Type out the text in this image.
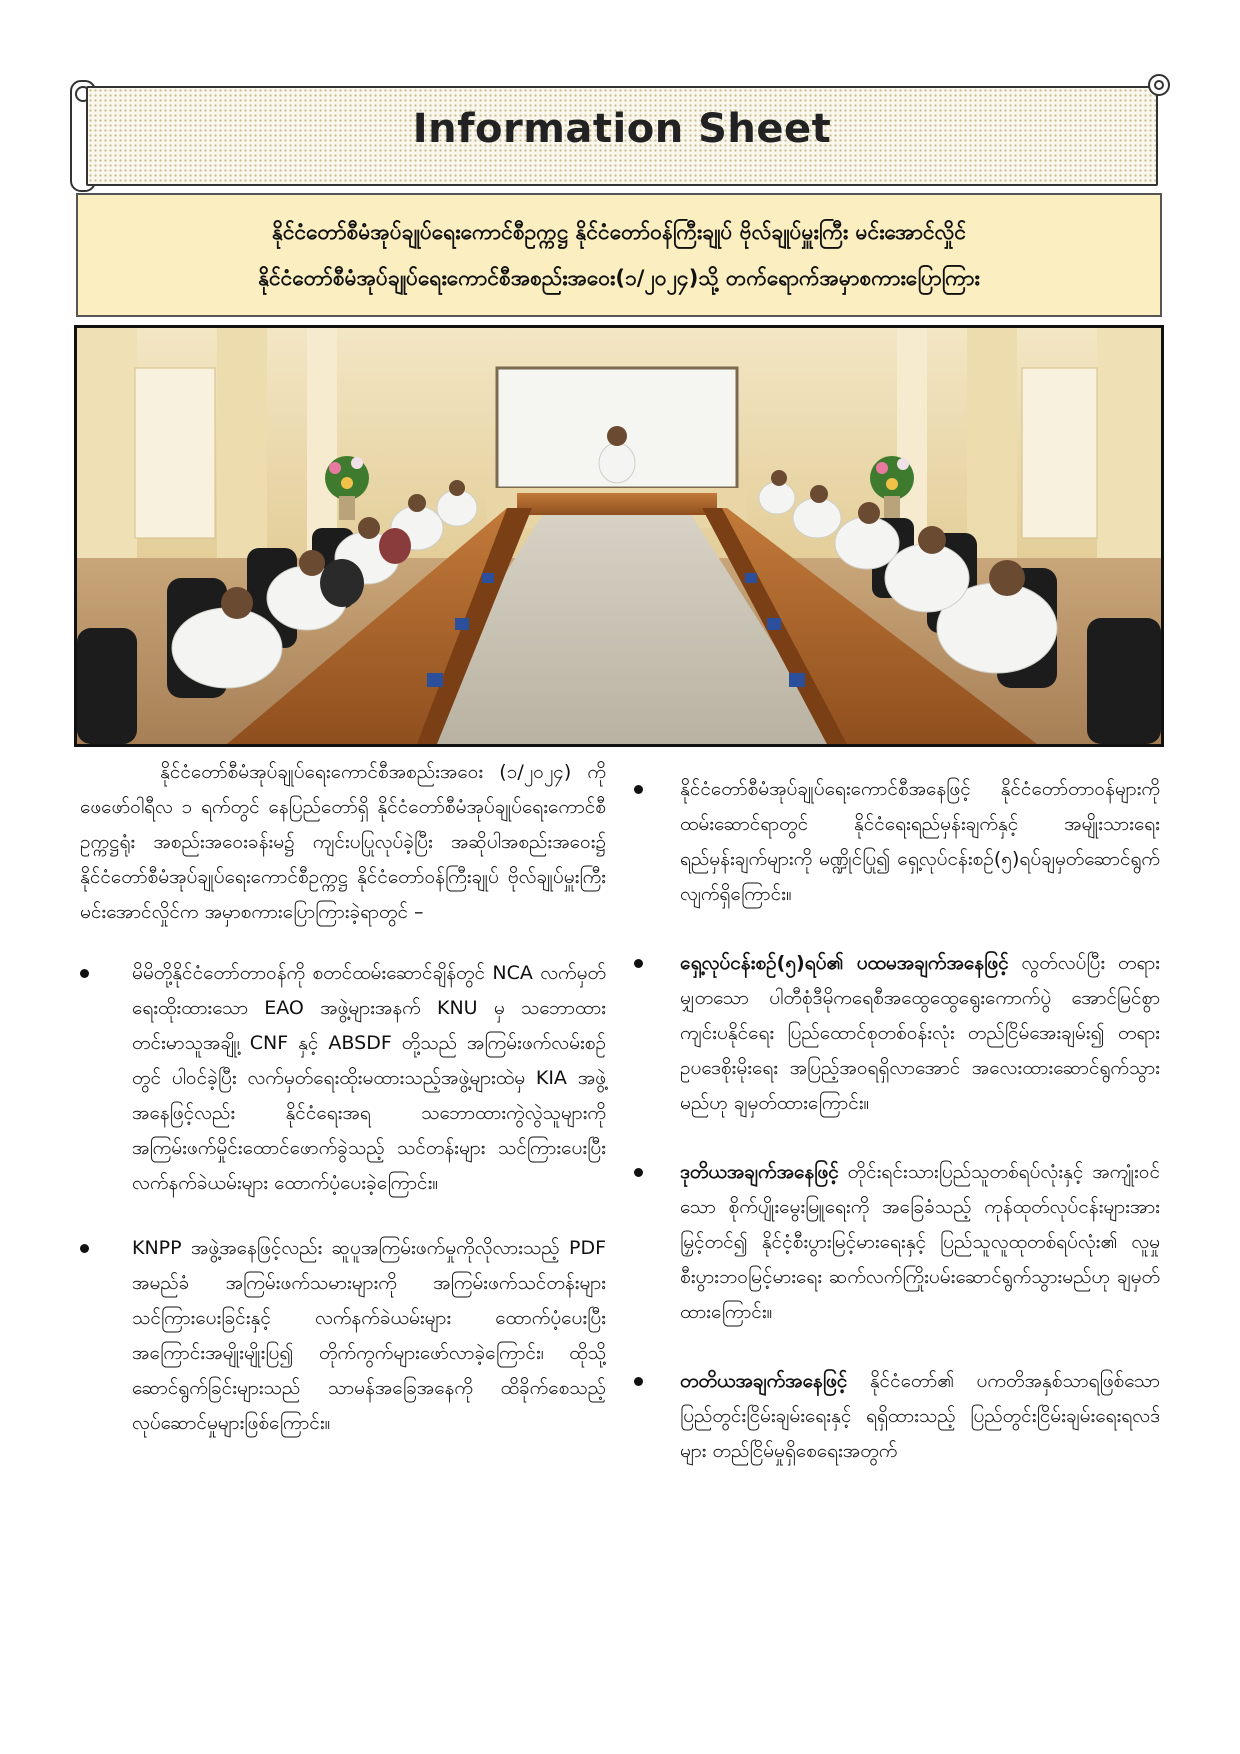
Information Sheet
နိုင်ငံတော်စီမံအုပ်ချုပ်ရေးကောင်စီဥက္ကဋ္ဌ နိုင်ငံတော်ဝန်ကြီးချုပ် ဗိုလ်ချုပ်မှူးကြီး မင်းအောင်လှိုင်
နိုင်ငံတော်စီမံအုပ်ချုပ်ရေးကောင်စီအစည်းအဝေး(၁/၂၀၂၄)သို့ တက်ရောက်အမှာစကားပြောကြား

နိုင်ငံတော်စီမံအုပ်ချုပ်ရေးကောင်စီအစည်းအဝေး (၁/၂၀၂၄) ကို ဖေဖော်ဝါရီလ ၁ ရက်တွင် နေပြည်တော်ရှိ နိုင်ငံတော်စီမံအုပ်ချုပ်ရေးကောင်စီဥက္ကဋ္ဌရုံး အစည်းအဝေးခန်းမ၌ ကျင်းပပြုလုပ်ခဲ့ပြီး အဆိုပါအစည်းအဝေး၌ နိုင်ငံတော်စီမံအုပ်ချုပ်ရေးကောင်စီဥက္ကဋ္ဌ နိုင်ငံတော်ဝန်ကြီးချုပ် ဗိုလ်ချုပ်မှူးကြီး မင်းအောင်လှိုင်က အမှာစကားပြောကြားခဲ့ရာတွင် –

မိမိတို့နိုင်ငံတော်တာဝန်ကို စတင်ထမ်းဆောင်ချိန်တွင် NCA လက်မှတ်ရေးထိုးထားသော EAO အဖွဲ့များအနက် KNU မှ သဘောထားတင်းမာသူအချို့၊ CNF နှင့် ABSDF တို့သည် အကြမ်းဖက်လမ်းစဉ်တွင် ပါဝင်ခဲ့ပြီး လက်မှတ်ရေးထိုးမထားသည့်အဖွဲ့များထဲမှ KIA အဖွဲ့အနေဖြင့်လည်း နိုင်ငံရေးအရ သဘောထားကွဲလွဲသူများကို အကြမ်းဖက်မှိုင်းထောင်ဖောက်ခွဲသည့် သင်တန်းများ သင်ကြားပေးပြီး လက်နက်ခဲယမ်းများ ထောက်ပံ့ပေးခဲ့ကြောင်း။
KNPP အဖွဲ့အနေဖြင့်လည်း ဆူပူအကြမ်းဖက်မှုကိုလိုလားသည့် PDF အမည်ခံ အကြမ်းဖက်သမားများကို အကြမ်းဖက်သင်တန်းများသင်ကြားပေးခြင်းနှင့် လက်နက်ခဲယမ်းများ ထောက်ပံ့ပေးပြီး အကြောင်းအမျိုးမျိုးပြ၍ တိုက်ကွက်များဖော်လာခဲ့ကြောင်း၊ ထိုသို့ဆောင်ရွက်ခြင်းများသည် သာမန်အခြေအနေကို ထိခိုက်စေသည့် လုပ်ဆောင်မှုများဖြစ်ကြောင်း။
နိုင်ငံတော်စီမံအုပ်ချုပ်ရေးကောင်စီအနေဖြင့် နိုင်ငံတော်တာဝန်များကို ထမ်းဆောင်ရာတွင် နိုင်ငံရေးရည်မှန်းချက်နှင့် အမျိုးသားရေးရည်မှန်းချက်များကို မဏ္ဍိုင်ပြု၍ ရှေ့လုပ်ငန်းစဉ်(၅)ရပ်ချမှတ်ဆောင်ရွက်လျက်ရှိကြောင်း။
ရှေ့လုပ်ငန်းစဉ်(၅)ရပ်၏ ပထမအချက်အနေဖြင့် လွတ်လပ်ပြီး တရားမျှတသော ပါတီစုံဒီမိုကရေစီအထွေထွေရွေးကောက်ပွဲ အောင်မြင်စွာ ကျင်းပနိုင်ရေး ပြည်ထောင်စုတစ်ဝန်းလုံး တည်ငြိမ်အေးချမ်း၍ တရားဥပဒေစိုးမိုးရေး အပြည့်အဝရရှိလာအောင် အလေးထားဆောင်ရွက်သွားမည်ဟု ချမှတ်ထားကြောင်း။
ဒုတိယအချက်အနေဖြင့် တိုင်းရင်းသားပြည်သူတစ်ရပ်လုံးနှင့် အကျုံးဝင်သော စိုက်ပျိုးမွေးမြူရေးကို အခြေခံသည့် ကုန်ထုတ်လုပ်ငန်းများအား မြှင့်တင်၍ နိုင်ငံ့စီးပွားမြင့်မားရေးနှင့် ပြည်သူလူထုတစ်ရပ်လုံး၏ လူမှုစီးပွားဘဝမြင့်မားရေး ဆက်လက်ကြိုးပမ်းဆောင်ရွက်သွားမည်ဟု ချမှတ်ထားကြောင်း။
တတိယအချက်အနေဖြင့် နိုင်ငံတော်၏ ပကတိအနှစ်သာရဖြစ်သော ပြည်တွင်းငြိမ်းချမ်းရေးနှင့် ရရှိထားသည့် ပြည်တွင်းငြိမ်းချမ်းရေးရလဒ်များ တည်ငြိမ်မှုရှိစေရေးအတွက်
